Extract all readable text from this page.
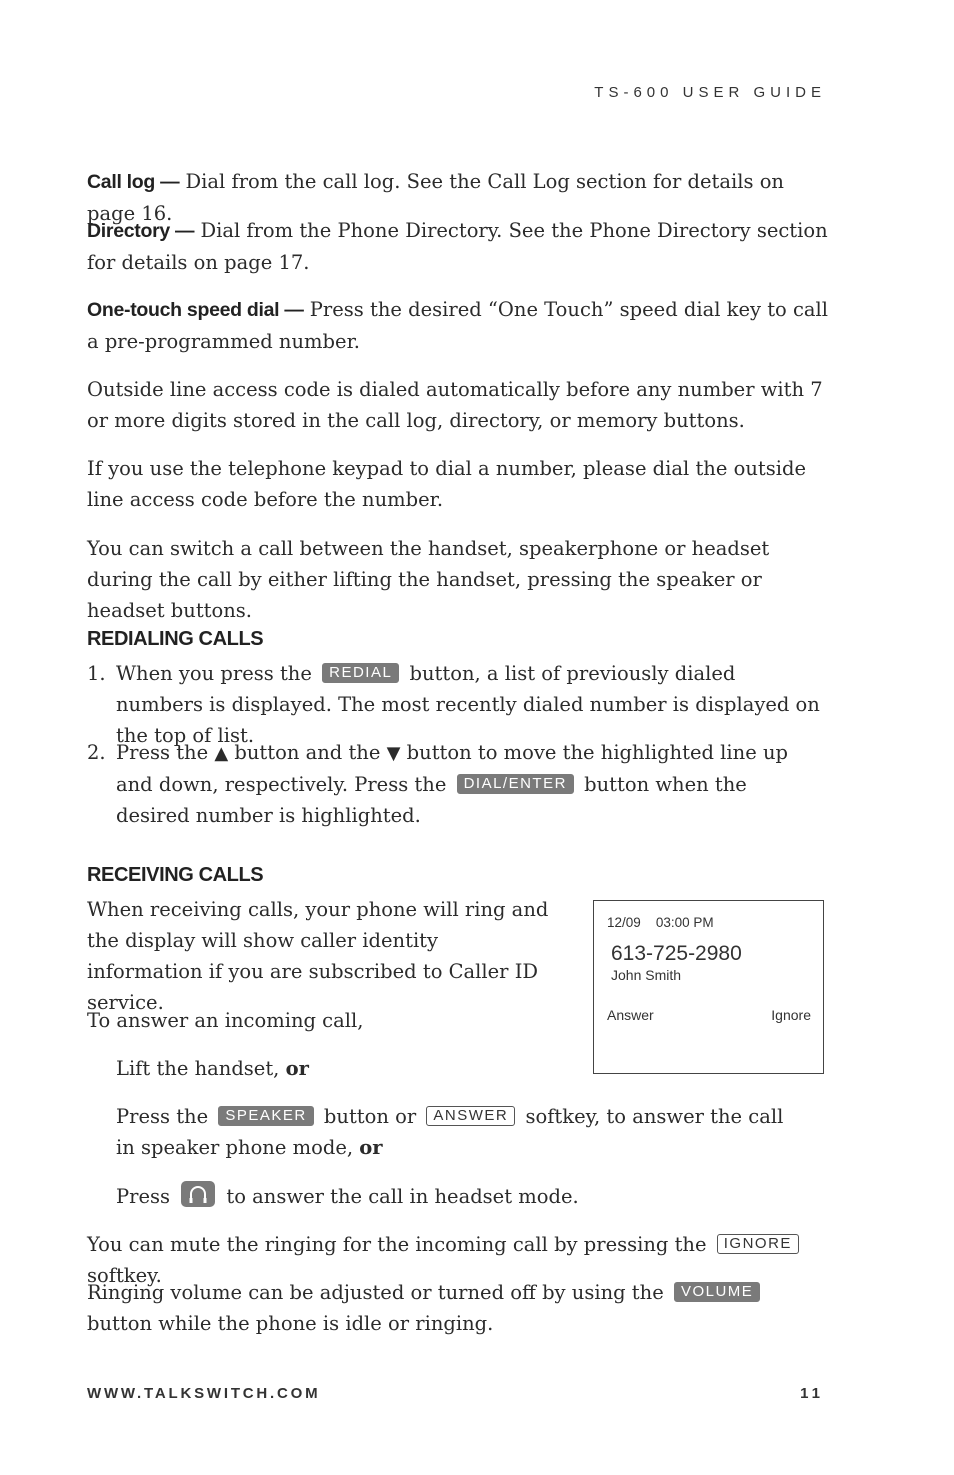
TS-600 USER GUIDE
Call log — Dial from the call log. See the Call Log section for details on page 16.
Directory — Dial from the Phone Directory. See the Phone Directory section for details on page 17.
One-touch speed dial — Press the desired “One Touch” speed dial key to call a pre-programmed number.
Outside line access code is dialed automatically before any number with 7 or more digits stored in the call log, directory, or memory buttons.
If you use the telephone keypad to dial a number, please dial the outside line access code before the number.
You can switch a call between the handset, speakerphone or headset during the call by either lifting the handset, pressing the speaker or headset buttons.
REDIALING CALLS
1. When you press the REDIAL button, a list of previously dialed numbers is displayed. The most recently dialed number is displayed on the top of list.
2. Press the ▲ button and the ▼ button to move the highlighted line up and down, respectively. Press the DIAL/ENTER button when the desired number is highlighted.
RECEIVING CALLS
When receiving calls, your phone will ring and the display will show caller identity information if you are subscribed to Caller ID service.
12/09 03:00 PM
613-725-2980
John Smith
Answer	Ignore
To answer an incoming call,
Lift the handset, or
Press the SPEAKER button or ANSWER softkey, to answer the call in speaker phone mode, or
Press	to answer the call in headset mode.
You can mute the ringing for the incoming call by pressing the IGNORE softkey.
Ringing volume can be adjusted or turned off by using the VOLUME button while the phone is idle or ringing.
WWW.TALKSWITCH.COM	11
